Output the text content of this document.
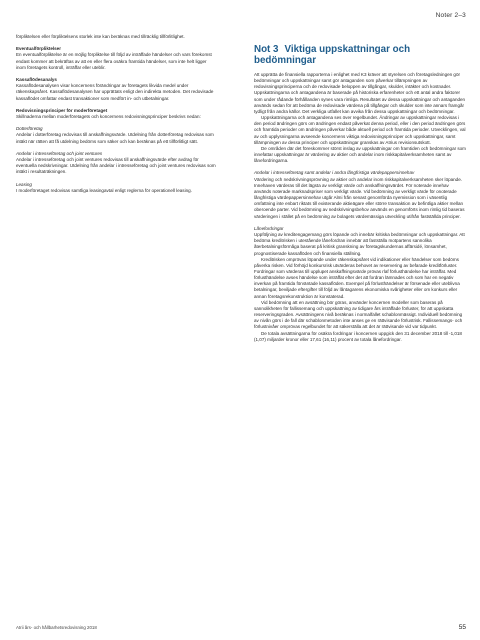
Noter 2–3

förpliktelsen eller förpliktelsens storlek inte kan beräknas med tillräcklig tillförlitlighet.

Eventualförpliktelser

En eventualförpliktelse är en möjlig förpliktelse till följd av inträffade händelser och vars förekomst endast kommer att bekräftas av att en eller flera osäkra framtida händelser, som inte helt ligger inom företagets kontroll, inträffar eller uteblir.

Kassaflödesanalys

Kassaflödesanalysen visar koncernens förändringar av företagets likvida medel under räkenskapsåret. Kassaflödesanalysen har upprättats enligt den indirekta metoden. Det redovisade kassaflödet omfattar endast transaktioner som medfört in- och utbetalningar.

Redovisningsprinciper för moderföretaget

Skillnaderna mellan moderföretagets och koncernens redovisningsprinciper beskrivs nedan:

Dotterföretag

Andelar i dotterföretag redovisas till anskaffningsvärde. Utdelning från dotterföretag redovisas som intäkt när rätten att få utdelning bedöms som säker och kan beräknas på ett tillförlitligt sätt.

Andelar i intresseföretag och joint ventures

Andelar i intresseföretag och joint ventures redovisas till anskaffningsvärde efter avdrag för eventuella nedskrivningar. Utdelning från andelar i intresseföretag och joint ventures redovisas som intäkt i resultaträkningen.

Leasing

I moderföretaget redovisas samtliga leasingavtal enligt reglerna för operationell leasing.

Not 3 Viktiga uppskattningar och bedömningar

Att upprätta de finansiella rapporterna i enlighet med K3 kräver att styrelsen och företagsledningen gör bedömningar och uppskattningar samt gör antaganden som påverkar tillämpningen av redovisningsprinciperna och de redovisade beloppen av tillgångar, skulder, intäkter och kostnader. Uppskattningarna och antagandena är baserade på historiska erfarenheter och ett antal andra faktorer som under rådande förhållanden synes vara rimliga. Resultatet av dessa uppskattningar och antaganden används sedan för att bedöma de redovisade värdena på tillgångar och skulder som inte annars framgår tydligt från andra källor. Det verkliga utfallet kan avvika från dessa uppskattningar och bedömningar.

Uppskattningarna och antagandena ses över regelbundet. Ändringar av uppskattningar redovisas i den period ändringen görs om ändringen endast påverkat denna period, eller i den period ändringen görs och framtida perioder om ändringen påverkar både aktuell period och framtida perioder. Utvecklingen, val av och upplysningarna avseende koncernens viktiga redovisningsprinciper och uppskattningar, samt tillämpningen av dessa principer och uppskattningar granskas av Atrius revisionsutskott.

De områden där det föreskommer störst inslag av uppskattningar om framtiden och bedömningar som innefattar uppskattningar är värdering av aktier och andelar inom riskkapitalverksamheten samt av lånefordringarna.

Andelar i intresseföretag samt andelar i andra långfristiga värdepappersinnehav

Värdering och nedskrivningsprövning av aktier och andelar inom riskkapitalverksamheten sker löpande. Innehaven värderas till det lägsta av verkligt värde och anskaffningsvärdet. För noterade innehav används noterade marknadspriser som verkligt värde. Vid bedömning av verkligt värde för onoterade långfristiga värdepappersinnehav utgår Almi från senast genomförda nyemission som i väsentlig omfattning inte enbart riktats till existerande aktieägare eller större transaktion av befintliga aktier mellan oberoende parter. Vid bedömning av nedskrivningsbehov används en genomförts inom rimlig tid baseras värderingen i stället på en bedömning av bolagets värdemässiga utveckling utifrån fastställda principer.

Lånefordringar

Uppföljning av kreditengagemang görs löpande och innebär kritiska bedömningar och uppskattningar. Att bedöma kreditrisken i utestående lånefordran innebär att fastställa motpartens sannolika återbetalningsförmåga baserat på kritisk granskning av företagskundernas affärsidé, lönsamhet, prognostiserade kassaflöden och finansiella ställning.

Kreditrisken omprövas löpande under räkenskapsåret vid indikationer eller händelser som bedöms påverka risken. Vid förhöjd konkursrisk utvärderas behovet av reservering av befarade kreditförluster. Fordringar som värderas till upplupet anskaffningsvärde prövas rlaf förlusthändelse har inträffat. Med förlusthändelse avses händelse som inträffat efter det att fordran lämnades och som har en negativ inverkan på framtida förväntade kassaflöden. Exempel på förlusthändelser är försenade eller uteblivna betalningar, beviljade eftergifter till följd av låntagarens ekonomiska svårigheter eller om konkurs eller annan företagsrekonstruktion är konstaterad.

Vid bedömning att en avsättning bör göras, använder koncernen modeller som baseras på sannolikheten för fallissemang och uppskattning av tidigare års inträffade förluster, för att uppskatta reserveringsgraden. Avsättningens nivå beräknas i normalfallet schablonmässigt. Individuell bedömning av nivån görs i de fall där schablonmetoden inte anses ge en rättvisande förlustrisk. Fallissemangs- och förlustnivåer omprövas regelbundet för att säkerställa att det är rättvisande vid var tidpunkt.

De totala avsättningarna för osäkra fordringar i koncernen uppgick den 31 december 2018 till -1,018 (1,07) miljarder kronor eller 17,61 (16,11) procent av totala lånefordringar.

Atrii års- och hållbarhetsredovisning 2018	55
